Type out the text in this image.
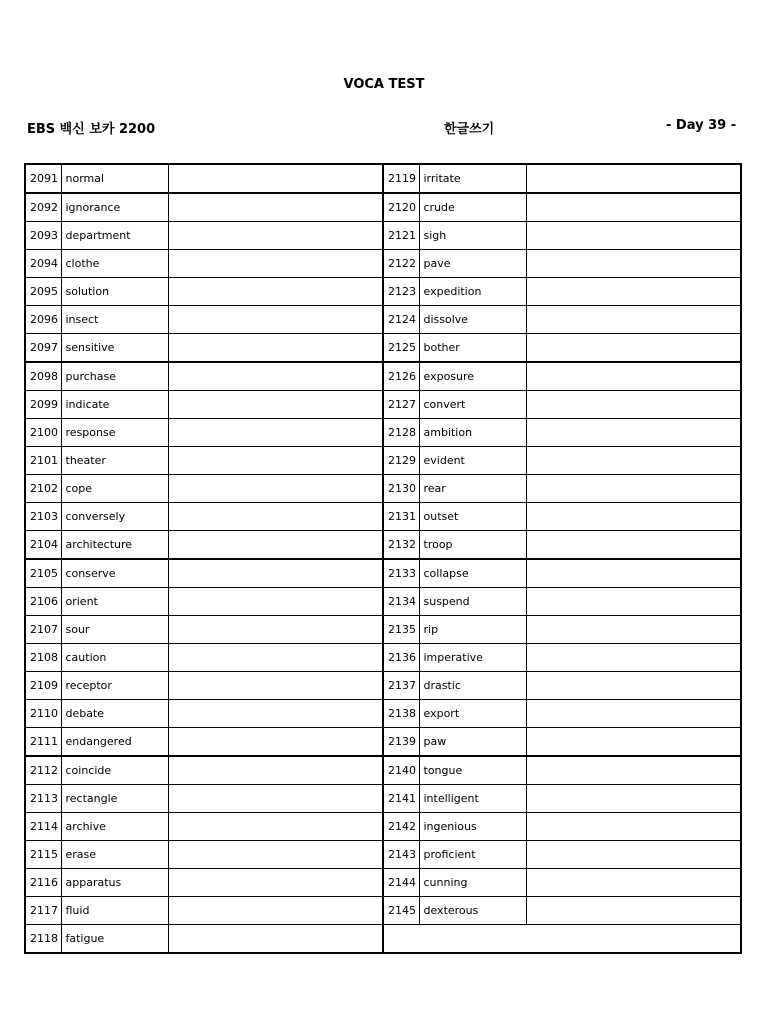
VOCA TEST
EBS 백신 보카 2200	한글쓰기	- Day 39 -
2091	normal		2119	irritate	
2092	ignorance		2120	crude	
2093	department		2121	sigh	
2094	clothe		2122	pave	
2095	solution		2123	expedition	
2096	insect		2124	dissolve	
2097	sensitive		2125	bother	
2098	purchase		2126	exposure	
2099	indicate		2127	convert	
2100	response		2128	ambition	
2101	theater		2129	evident	
2102	cope		2130	rear	
2103	conversely		2131	outset	
2104	architecture		2132	troop	
2105	conserve		2133	collapse	
2106	orient		2134	suspend	
2107	sour		2135	rip	
2108	caution		2136	imperative	
2109	receptor		2137	drastic	
2110	debate		2138	export	
2111	endangered		2139	paw	
2112	coincide		2140	tongue	
2113	rectangle		2141	intelligent	
2114	archive		2142	ingenious	
2115	erase		2143	proficient	
2116	apparatus		2144	cunning	
2117	fluid		2145	dexterous	
2118	fatigue				
